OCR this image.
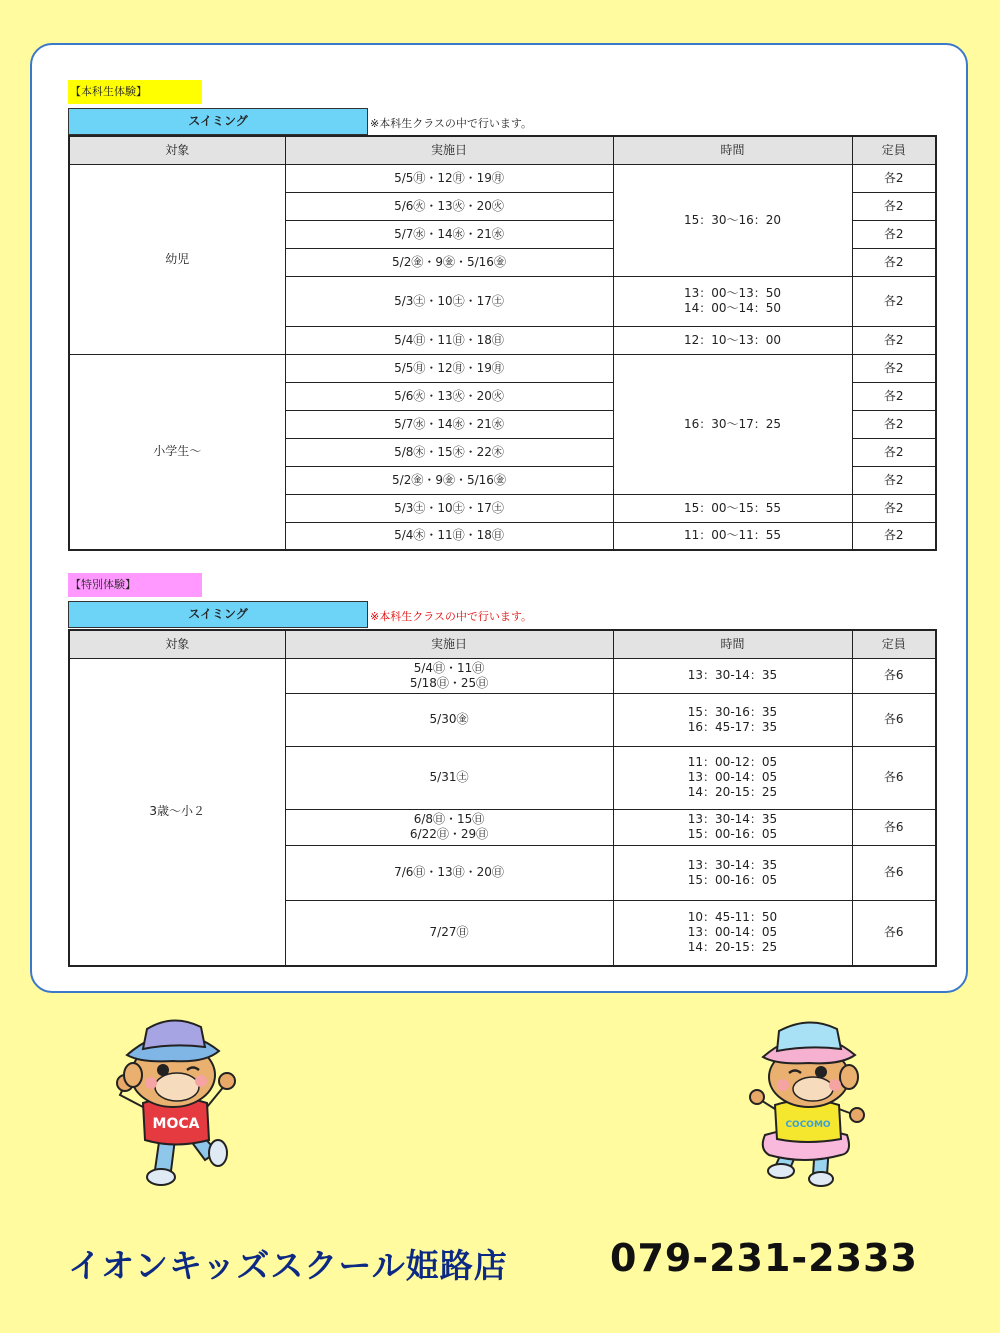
【本科生体験】
スイミング	※本科生クラスの中で行います。
対象	実施日	時間	定員
幼児	5/5㊊・12㊊・19㊊	15：30～16：20	各2
	5/6㊋・13㊋・20㊋		各2
	5/7㊌・14㊌・21㊌		各2
	5/2㊎・9㊎・5/16㊎		各2
	5/3㊏・10㊏・17㊏	13：00～13：50
14：00～14：50	各2
	5/4㊐・11㊐・18㊐	12：10～13：00	各2
小学生～	5/5㊊・12㊊・19㊊	16：30～17：25	各2
	5/6㊋・13㊋・20㊋		各2
	5/7㊌・14㊌・21㊌		各2
	5/8㊍・15㊍・22㊍		各2
	5/2㊎・9㊎・5/16㊎		各2
	5/3㊏・10㊏・17㊏	15：00～15：55	各2
	5/4㊍・11㊐・18㊐	11：00～11：55	各2
【特別体験】
スイミング	※本科生クラスの中で行います。
対象	実施日	時間	定員
3歳～小２	5/4㊐・11㊐
5/18㊐・25㊐	13：30-14：35	各6

	5/30㊎	15：30-16：35
16：45-17：35	各6

	5/31㊏	11：00-12：05
13：00-14：05
14：20-15：25	各6

	6/8㊐・15㊐
6/22㊐・29㊐	13：30-14：35
15：00-16：05	各6

	7/6㊐・13㊐・20㊐	13：30-14：35
15：00-16：05	各6

	7/27㊐	10：45-11：50
13：00-14：05
14：20-15：25	各6
MOCA	COCOMO
イオンキッズスクール姫路店	079-231-2333
